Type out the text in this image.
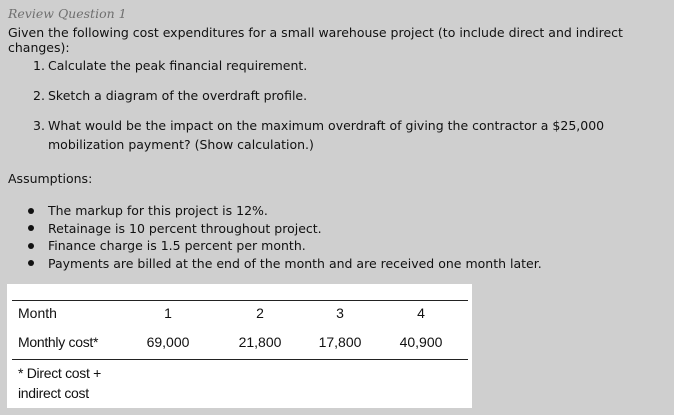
Review Question 1
Given the following cost expenditures for a small warehouse project (to include direct and indirect changes):
1. Calculate the peak financial requirement.
2. Sketch a diagram of the overdraft profile.
3. What would be the impact on the maximum overdraft of giving the contractor a $25,000 mobilization payment? (Show calculation.)
Assumptions:
The markup for this project is 12%.
Retainage is 10 percent throughout project.
Finance charge is 1.5 percent per month.
Payments are billed at the end of the month and are received one month later.
Month	1	2	3	4
Monthly cost*	69,000	21,800	17,800	40,900
* Direct cost +
indirect cost
